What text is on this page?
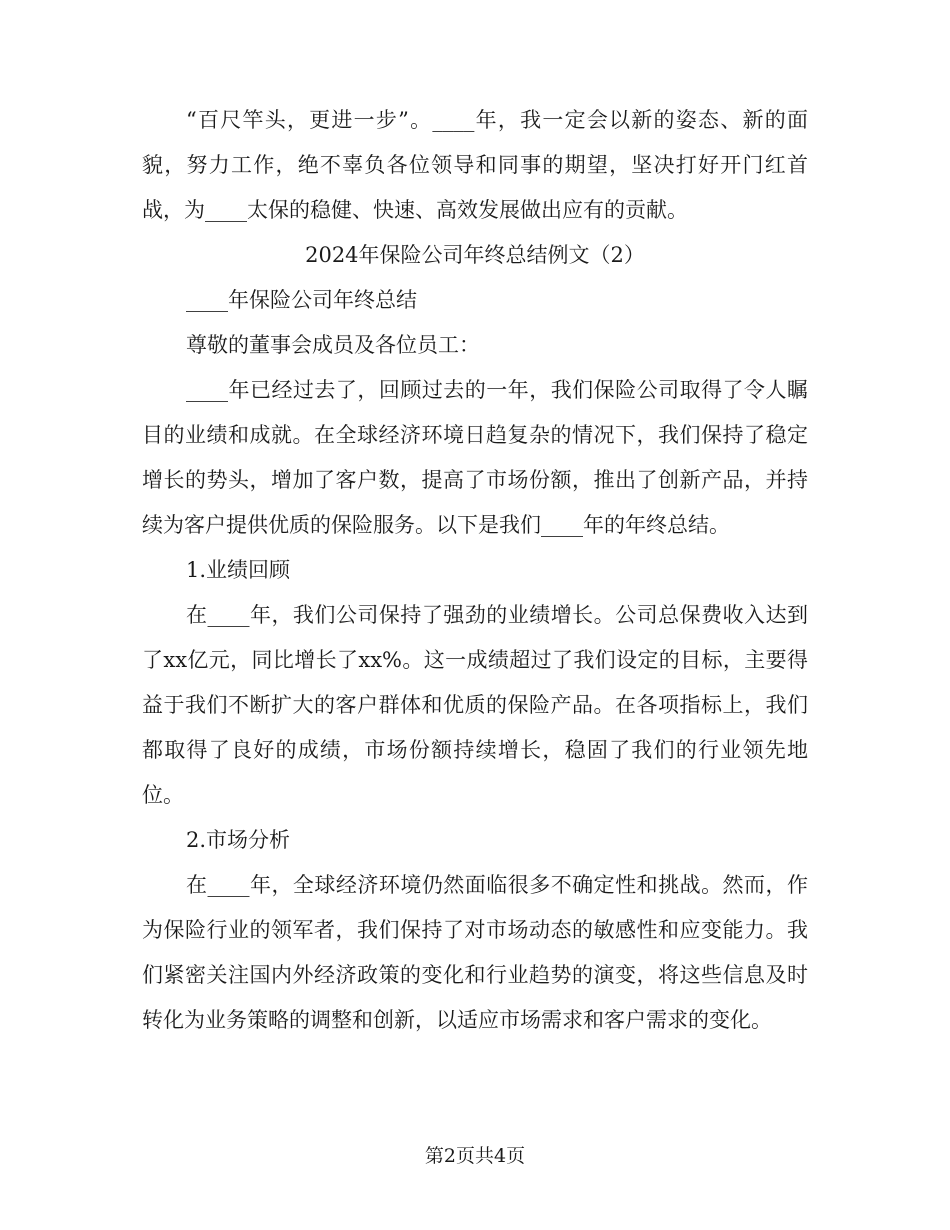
“百尺竿头，更进一步”。____年，我一定会以新的姿态、新的面貌，努力工作，绝不辜负各位领导和同事的期望，坚决打好开门红首战，为____太保的稳健、快速、高效发展做出应有的贡献。

2024年保险公司年终总结例文（2）

____年保险公司年终总结

尊敬的董事会成员及各位员工：

____年已经过去了，回顾过去的一年，我们保险公司取得了令人瞩目的业绩和成就。在全球经济环境日趋复杂的情况下，我们保持了稳定增长的势头，增加了客户数，提高了市场份额，推出了创新产品，并持续为客户提供优质的保险服务。以下是我们____年的年终总结。

1.业绩回顾

在____年，我们公司保持了强劲的业绩增长。公司总保费收入达到了xx亿元，同比增长了xx%。这一成绩超过了我们设定的目标，主要得益于我们不断扩大的客户群体和优质的保险产品。在各项指标上，我们都取得了良好的成绩，市场份额持续增长，稳固了我们的行业领先地位。

2.市场分析

在____年，全球经济环境仍然面临很多不确定性和挑战。然而，作为保险行业的领军者，我们保持了对市场动态的敏感性和应变能力。我们紧密关注国内外经济政策的变化和行业趋势的演变，将这些信息及时转化为业务策略的调整和创新，以适应市场需求和客户需求的变化。

第2页共4页
